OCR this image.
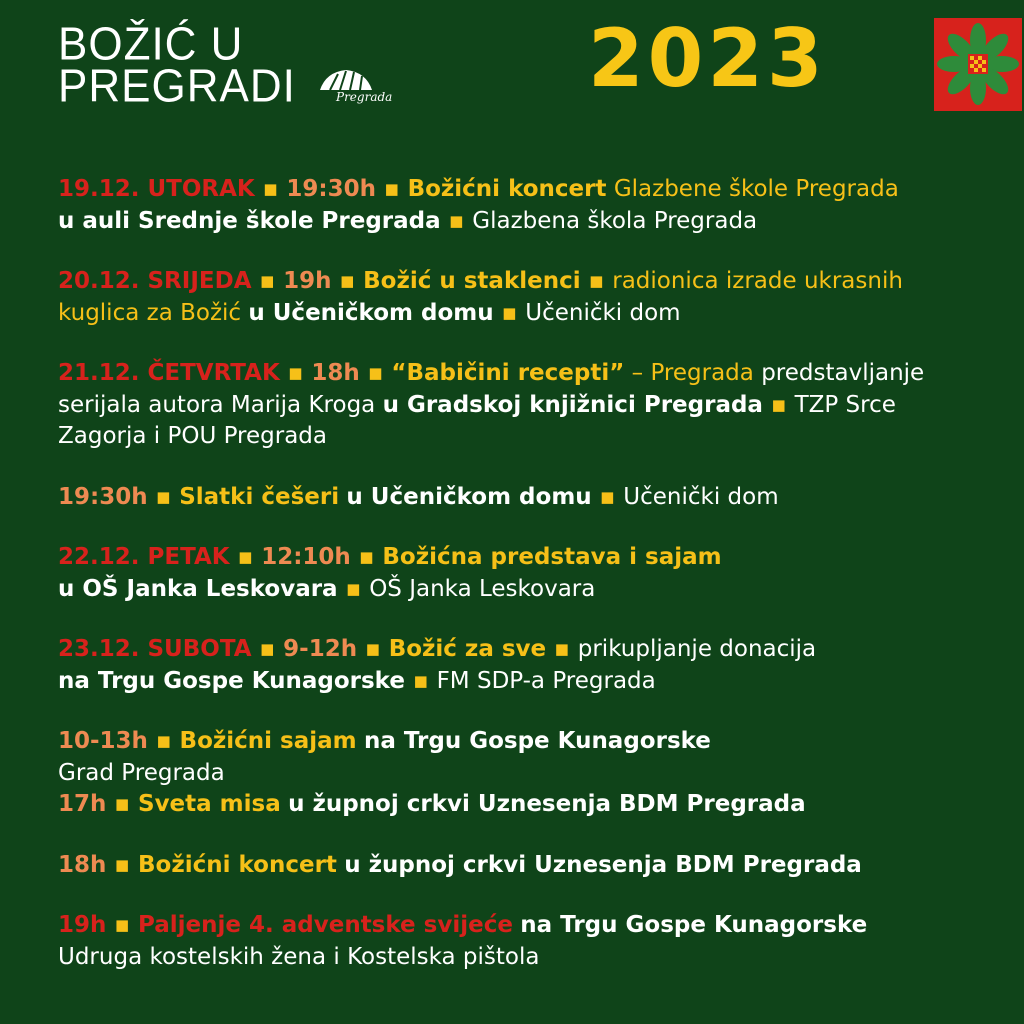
BOŽIĆ U
PREGRADI	Pregrada 2023
19.12. UTORAK ▪ 19:30h ▪ Božićni koncert Glazbene škole Pregrada
u auli Srednje škole Pregrada ▪ Glazbena škola Pregrada
20.12. SRIJEDA ▪ 19h ▪ Božić u staklenci ▪ radionica izrade ukrasnih
kuglica za Božić u Učeničkom domu ▪ Učenički dom
21.12. ČETVRTAK ▪ 18h ▪ “Babičini recepti” – Pregrada predstavljanje
serijala autora Marija Kroga u Gradskoj knjižnici Pregrada ▪ TZP Srce
Zagorja i POU Pregrada
19:30h ▪ Slatki češeri u Učeničkom domu ▪ Učenički dom
22.12. PETAK ▪ 12:10h ▪ Božićna predstava i sajam
u OŠ Janka Leskovara ▪ OŠ Janka Leskovara
23.12. SUBOTA ▪ 9-12h ▪ Božić za sve ▪ prikupljanje donacija
na Trgu Gospe Kunagorske ▪ FM SDP-a Pregrada
10-13h ▪ Božićni sajam na Trgu Gospe Kunagorske
Grad Pregrada
17h ▪ Sveta misa u župnoj crkvi Uznesenja BDM Pregrada
18h ▪ Božićni koncert u župnoj crkvi Uznesenja BDM Pregrada
19h ▪ Paljenje 4. adventske svijeće na Trgu Gospe Kunagorske
Udruga kostelskih žena i Kostelska pištola
